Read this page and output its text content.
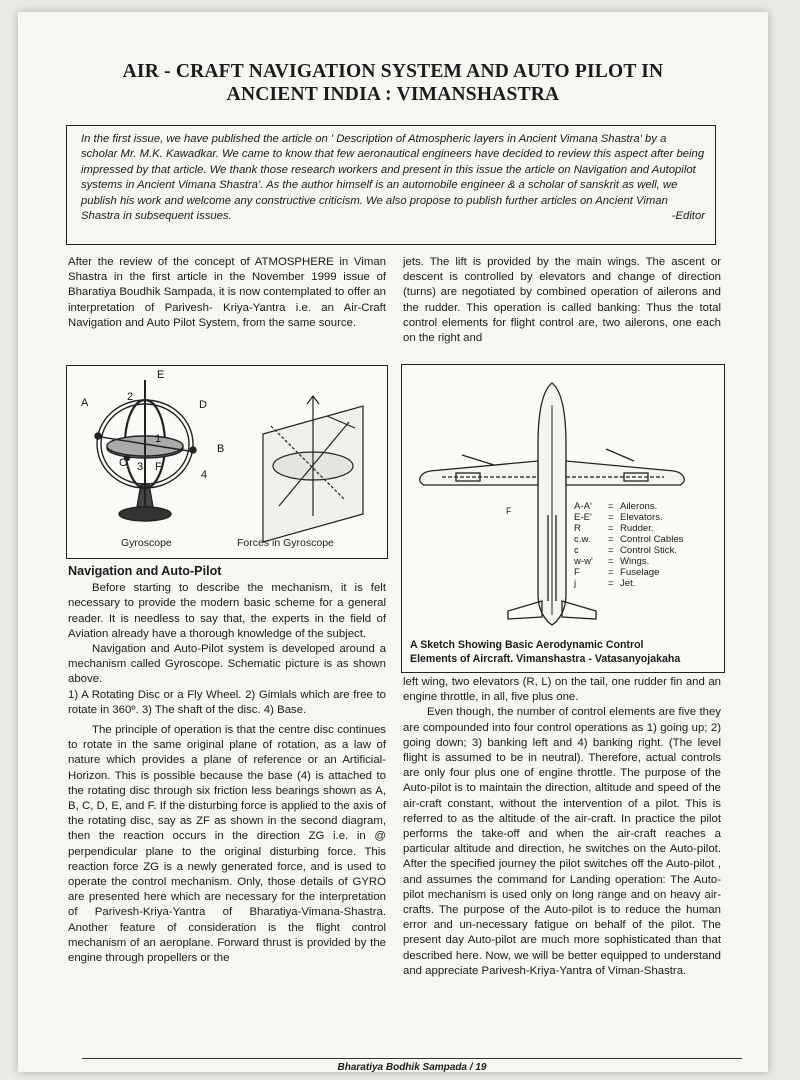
AIR - CRAFT NAVIGATION SYSTEM AND AUTO PILOT IN
ANCIENT INDIA : VIMANSHASTRA
In the first issue, we have published the article on ' Description of Atmospheric layers in Ancient Vimana Shastra' by a scholar Mr. M.K. Kawadkar. We came to know that few aeronautical engineers have decided to review this aspect after being impressed by that article. We thank those research workers and present in this issue the article on Navigation and Autopilot systems in Ancient Vimana Shastra'. As the author himself is an automobile engineer & a scholar of sanskrit as well, we publish his work and welcome any constructive criticism. We also propose to publish further articles on Ancient Viman Shastra in subsequent issues.	-Editor

After the review of the concept of ATMOSPHERE in Viman Shastra in the first article in the November 1999 issue of Bharatiya Boudhik Sampada, it is now contemplated to offer an interpretation of Parivesh- Kriya-Yantra i.e. an Air-Craft Navigation and Auto Pilot System, from the same source.

A	2
E
D
B
C 3 F
1
4
Gyroscope	Forces in Gyroscope
Navigation and Auto-Pilot

Before starting to describe the mechanism, it is felt necessary to provide the modern basic scheme for a general reader. It is needless to say that, the experts in the field of Aviation already have a thorough knowledge of the subject.

Navigation and Auto-Pilot system is developed around a mechanism called Gyroscope. Schematic picture is as shown above.

1) A Rotating Disc or a Fly Wheel. 2) Gimlals which are free to rotate in 360º. 3) The shaft of the disc. 4) Base.

The principle of operation is that the centre disc continues to rotate in the same original plane of rotation, as a law of nature which provides a plane of reference or an Artificial-Horizon. This is possible because the base (4) is attached to the rotating disc through six friction less bearings shown as A, B, C, D, E, and F. If the disturbing force is applied to the axis of the rotating disc, say as ZF as shown in the second diagram, then the reaction occurs in the direction ZG i.e. in @ perpendicular plane to the original disturbing force. This reaction force ZG is a newly generated force, and is used to operate the control mechanism. Only, those details of GYRO are presented here which are necessary for the interpretation of Parivesh-Kriya-Yantra of Bharatiya-Vimana-Shastra. Another feature of consideration is the flight control mechanism of an aeroplane. Forward thrust is provided by the engine through propellers or the

jets. The lift is provided by the main wings. The ascent or descent is controlled by elevators and change of direction (turns) are negotiated by combined operation of ailerons and the rudder. This operation is called banking: Thus the total control elements for flight control are, two ailerons, one each on the right and

F	A-A' = Ailerons.
E-E' = Elevators.
R	= Rudder.
c.w. = Control Cables
c	= Control Stick.
w-w' = Wings.
F	= Fuselage
j	= Jet.
A Sketch Showing Basic Aerodynamic Control
Elements of Aircraft. Vimanshastra - Vatasanyojakaha

left wing, two elevators (R, L) on the tail, one rudder fin and an engine throttle, in all, five plus one.

Even though, the number of control elements are five they are compounded into four control operations as 1) going up; 2) going down; 3) banking left and 4) banking right. (The level flight is assumed to be in neutral). Therefore, actual controls are only four plus one of engine throttle. The purpose of the Auto-pilot is to maintain the direction, altitude and speed of the air-craft constant, without the intervention of a pilot. This is referred to as the altitude of the air-craft. In practice the pilot performs the take-off and when the air-craft reaches a particular altitude and direction, he switches on the Auto-pilot. After the specified journey the pilot switches off the Auto-pilot , and assumes the command for Landing operation: The Auto-pilot mechanism is used only on long range and on heavy air-crafts. The purpose of the Auto-pilot is to reduce the human error and un-necessary fatigue on behalf of the pilot. The present day Auto-pilot are much more sophisticated than that described here. Now, we will be better equipped to understand and appreciate Parivesh-Kriya-Yantra of Viman-Shastra.

Bharatiya Bodhik Sampada / 19
